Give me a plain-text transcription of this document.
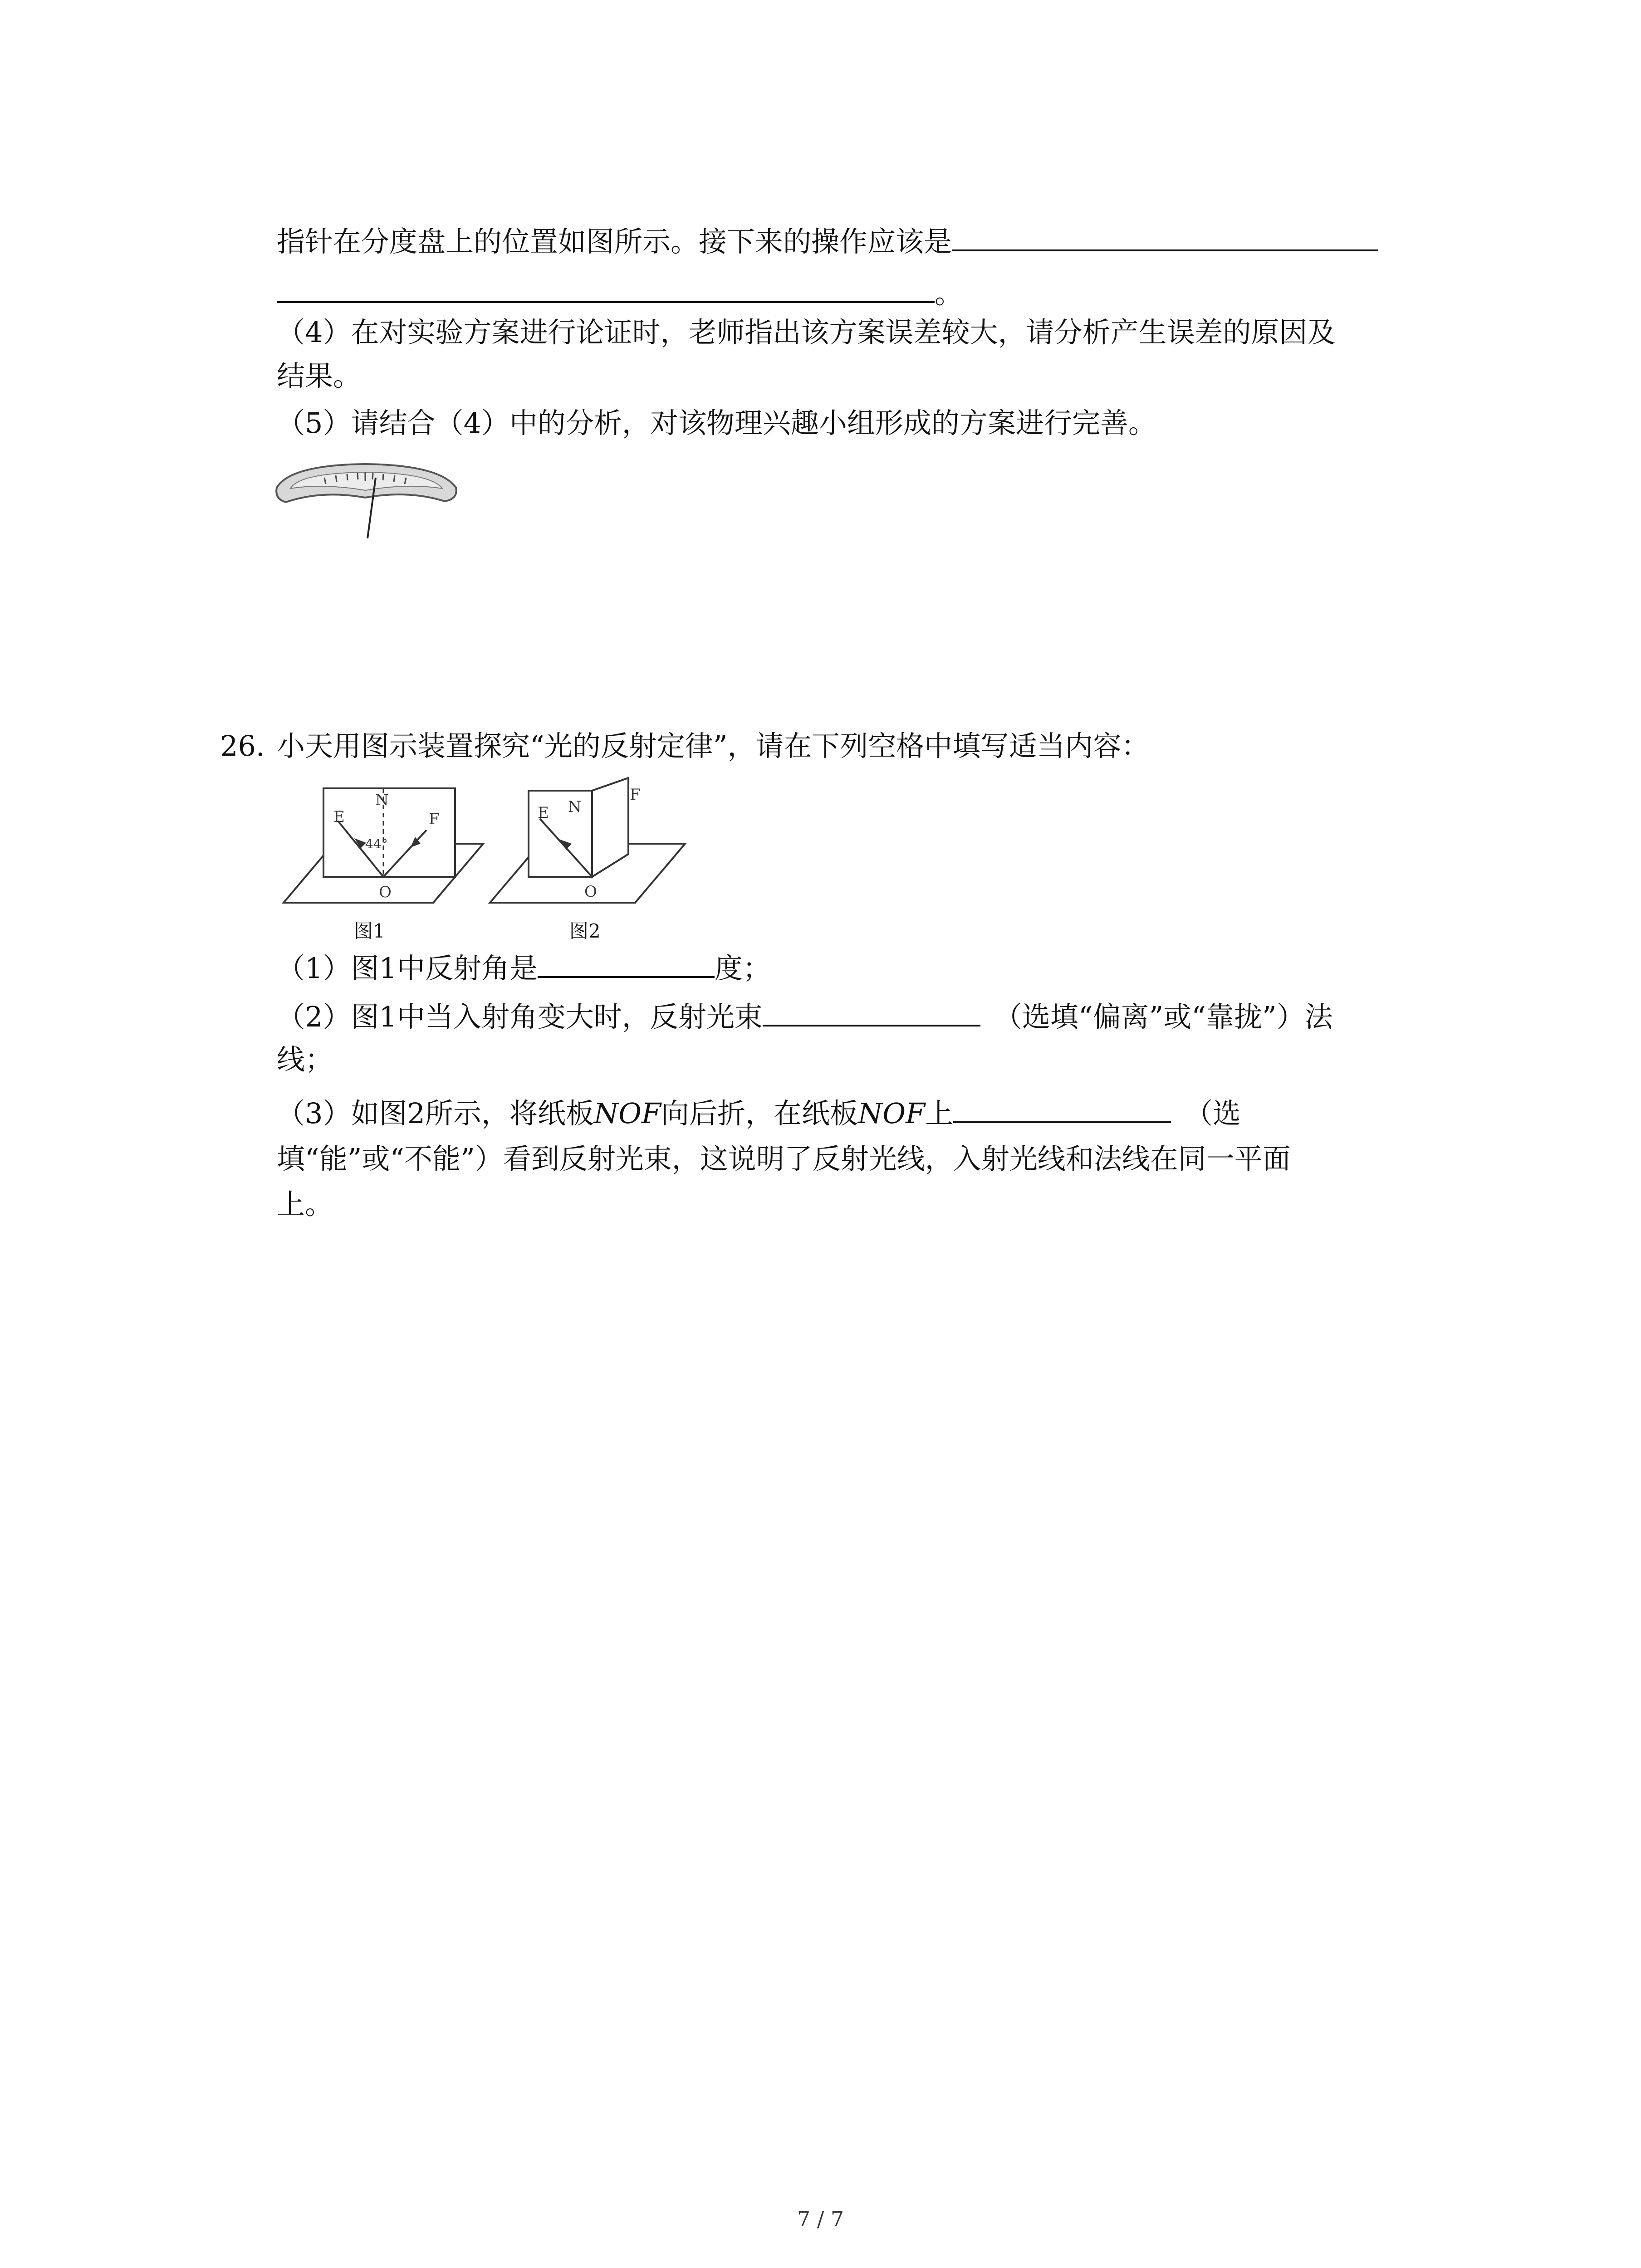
指针在分度盘上的位置如图所示。接下来的操作应该是
。
（4）在对实验方案进行论证时，老师指出该方案误差较大，请分析产生误差的原因及
结果。
（5）请结合（4）中的分析，对该物理兴趣小组形成的方案进行完善。
26. 小天用图示装置探究“光的反射定律”，请在下列空格中填写适当内容：
E
N
F
O
44°
图1
E N
F
O
图2
（1）图1中反射角是	度；
（2）图1中当入射角变大时，反射光束	（选填“偏离”或“靠拢”）法
线；
（3）如图2所示，将纸板NOF向后折，在纸板NOF上	（选
填“能”或“不能”）看到反射光束，这说明了反射光线，入射光线和法线在同一平面
上。
7 / 7
